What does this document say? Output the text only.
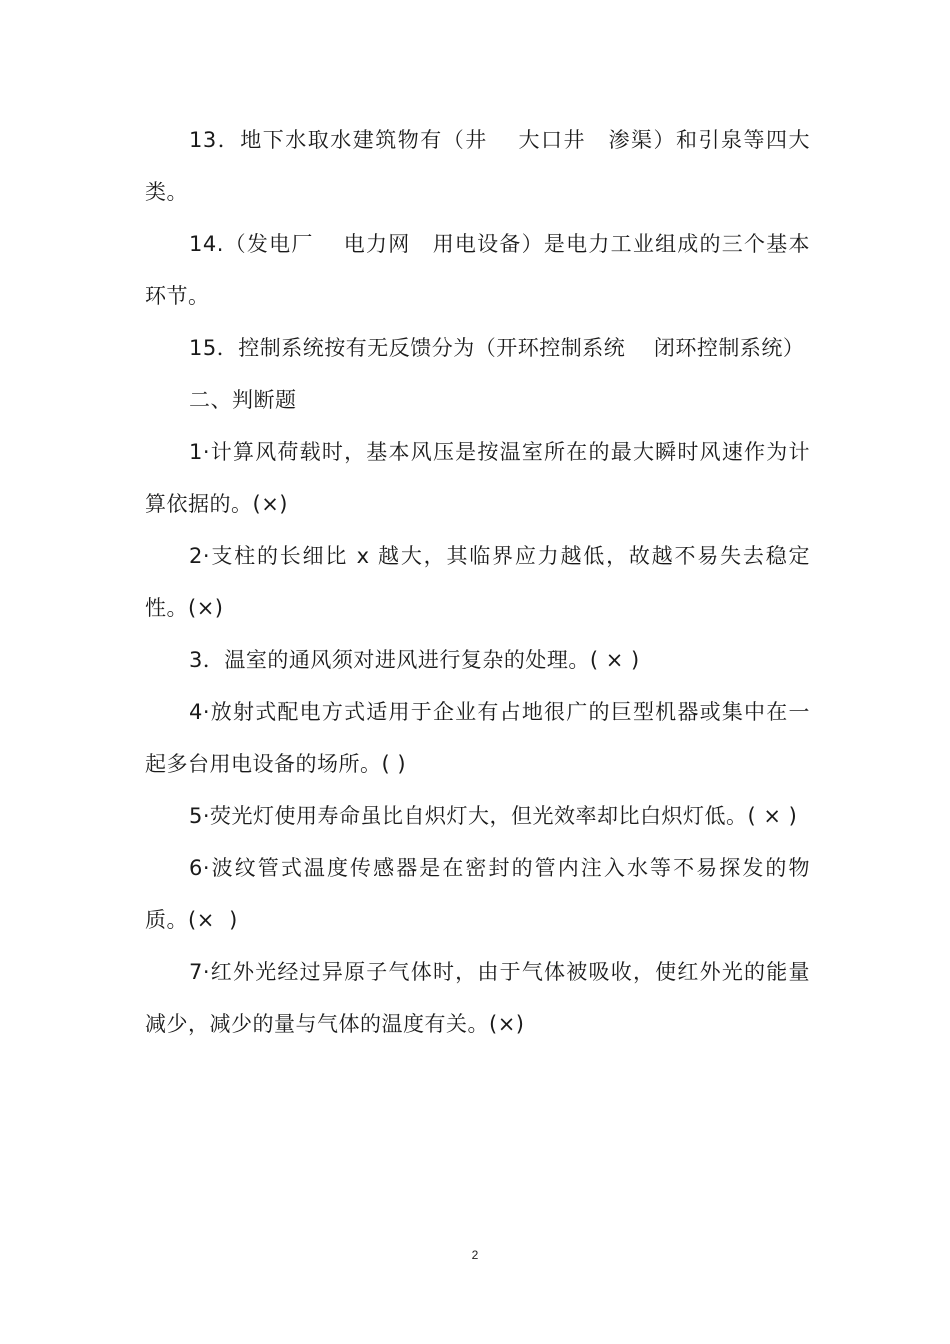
13．地下水取水建筑物有（井　 大口井　渗渠）和引泉等四大类。

14.（发电厂　 电力网　用电设备）是电力工业组成的三个基本环节。

15．控制系统按有无反馈分为（开环控制系统　 闭环控制系统）

二、判断题

1·计算风荷载时，基本风压是按温室所在的最大瞬时风速作为计算依据的。(×)

2·支柱的长细比 x 越大，其临界应力越低，故越不易失去稳定性。(×)

3．温室的通风须对进风进行复杂的处理。( × )

4·放射式配电方式适用于企业有占地很广的巨型机器或集中在一起多台用电设备的场所。( )

5·荧光灯使用寿命虽比自炽灯大，但光效率却比白炽灯低。( × )

6·波纹管式温度传感器是在密封的管内注入水等不易探发的物质。(×  )

7·红外光经过异原子气体时，由于气体被吸收，使红外光的能量减少，减少的量与气体的温度有关。(×)

2
